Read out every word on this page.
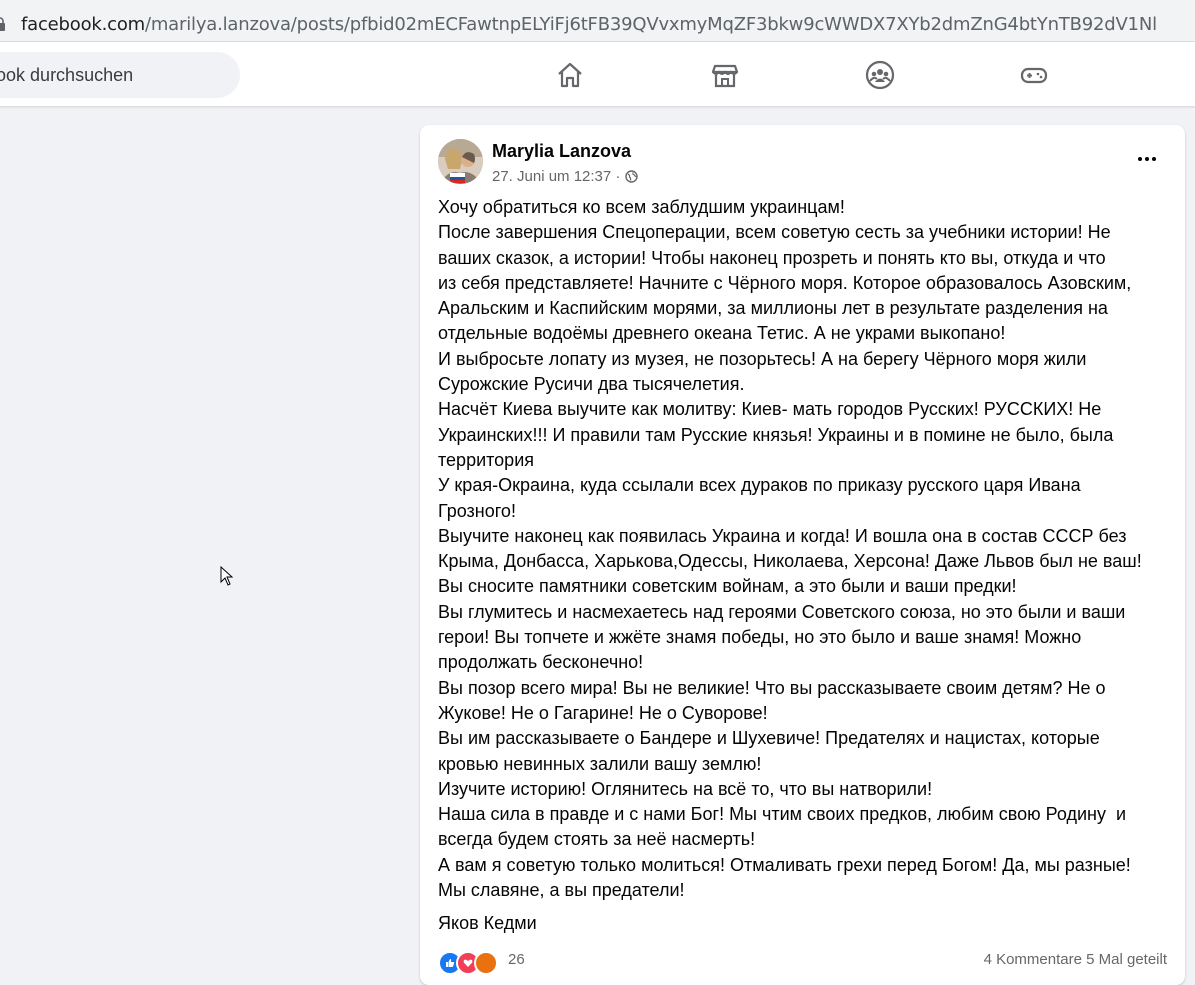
facebook.com/marilya.lanzova/posts/pfbid02mECFawtnpELYiFj6tFB39QVvxmyMqZF3bkw9cWWDX7XYb2dmZnG4btYnTB92dV1Nl
ebook durchsuchen
Marylia Lanzova
27. Juni um 12:37 ·
Хочу обратиться ко всем заблудшим украинцам!
После завершения Спецоперации, всем советую сесть за учебники истории! Не
ваших сказок, а истории! Чтобы наконец прозреть и понять кто вы, откуда и что
из себя представляете! Начните с Чёрного моря. Которое образовалось Азовским,
Аральским и Каспийским морями, за миллионы лет в результате разделения на
отдельные водоёмы древнего океана Тетис. А не украми выкопано!
И выбросьте лопату из музея, не позорьтесь! А на берегу Чёрного моря жили
Сурожские Русичи два тысячелетия.
Насчёт Киева выучите как молитву: Киев- мать городов Русских! РУССКИХ! Не
Украинских!!! И правили там Русские князья! Украины и в помине не было, была
территория
У края-Окраина, куда ссылали всех дураков по приказу русского царя Ивана
Грозного!
Выучите наконец как появилась Украина и когда! И вошла она в состав СССР без
Крыма, Донбасса, Харькова,Одессы, Николаева, Херсона! Даже Львов был не ваш!
Вы сносите памятники советским войнам, а это были и ваши предки!
Вы глумитесь и насмехаетесь над героями Советского союза, но это были и ваши
герои! Вы топчете и жжёте знамя победы, но это было и ваше знамя! Можно
продолжать бесконечно!
Вы позор всего мира! Вы не великие! Что вы рассказываете своим детям? Не о
Жукове! Не о Гагарине! Не о Суворове!
Вы им рассказываете о Бандере и Шухевиче! Предателях и нацистах, которые
кровью невинных залили вашу землю!
Изучите историю! Оглянитесь на всё то, что вы натворили!
Наша сила в правде и с нами Бог! Мы чтим своих предков, любим свою Родину  и
всегда будем стоять за неё насмерть!
А вам я советую только молиться! Отмаливать грехи перед Богом! Да, мы разные!
Мы славяне, а вы предатели!
Яков Кедми
26	4 Kommentare 5 Mal geteilt
